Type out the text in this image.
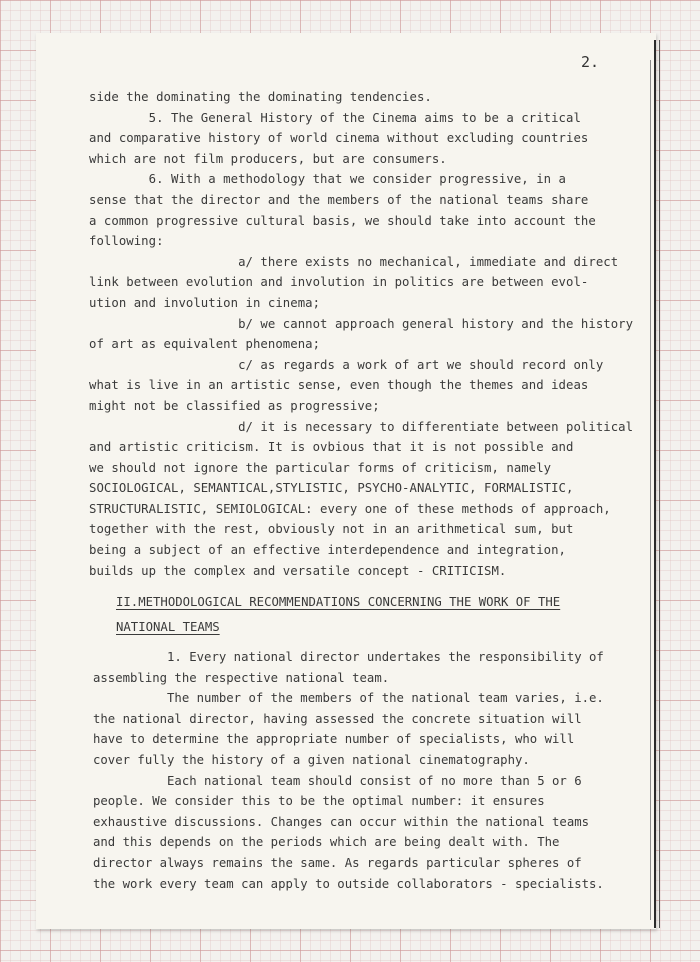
2.
side the dominating the dominating tendencies.
5. The General History of the Cinema aims to be a critical
and comparative history of world cinema without excluding countries
which are not film producers, but are consumers.
6. With a methodology that we consider progressive, in a
sense that the director and the members of the national teams share
a common progressive cultural basis, we should take into account the
following:
a/ there exists no mechanical, immediate and direct
link between evolution and involution in politics are between evol-
ution and involution in cinema;
b/ we cannot approach general history and the history
of art as equivalent phenomena;
c/ as regards a work of art we should record only
what is live in an artistic sense, even though the themes and ideas
might not be classified as progressive;
d/ it is necessary to differentiate between political
and artistic criticism. It is ovbious that it is not possible and
we should not ignore the particular forms of criticism, namely
SOCIOLOGICAL, SEMANTICAL,STYLISTIC, PSYCHO-ANALYTIC, FORMALISTIC,
STRUCTURALISTIC, SEMIOLOGICAL: every one of these methods of approach,
together with the rest, obviously not in an arithmetical sum, but
being a subject of an effective interdependence and integration,
builds up the complex and versatile concept - CRITICISM.
II.METHODOLOGICAL RECOMMENDATIONS CONCERNING THE WORK OF THE
NATIONAL TEAMS
1. Every national director undertakes the responsibility of
assembling the respective national team.
The number of the members of the national team varies, i.e.
the national director, having assessed the concrete situation will
have to determine the appropriate number of specialists, who will
cover fully the history of a given national cinematography.
Each national team should consist of no more than 5 or 6
people. We consider this to be the optimal number: it ensures
exhaustive discussions. Changes can occur within the national teams
and this depends on the periods which are being dealt with. The
director always remains the same. As regards particular spheres of
the work every team can apply to outside collaborators - specialists.
